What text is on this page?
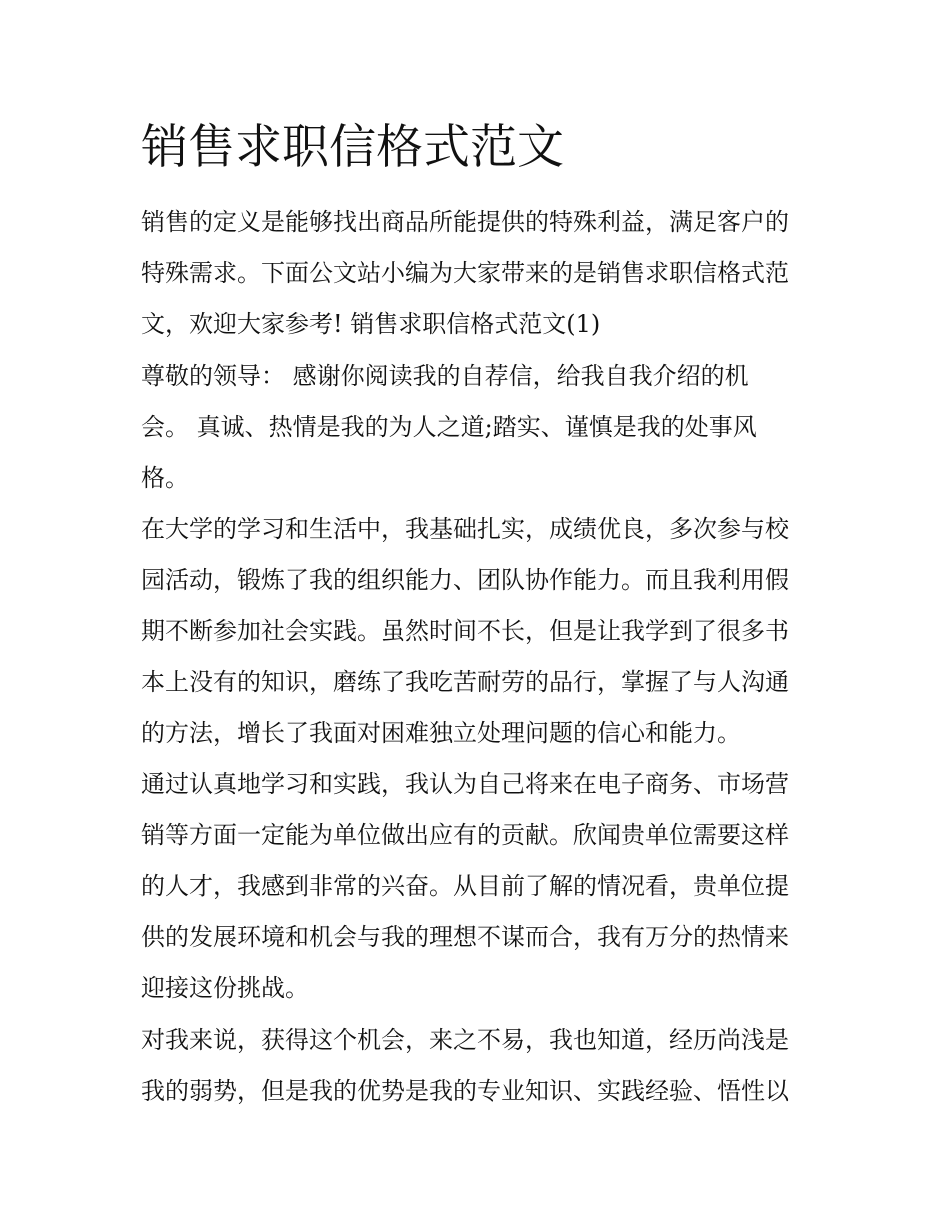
销售求职信格式范文

销售的定义是能够找出商品所能提供的特殊利益，满足客户的

特殊需求。下面公文站小编为大家带来的是销售求职信格式范

文，欢迎大家参考! 销售求职信格式范文(1)

尊敬的领导： 感谢你阅读我的自荐信，给我自我介绍的机

会。 真诚、热情是我的为人之道;踏实、谨慎是我的处事风

格。

在大学的学习和生活中，我基础扎实，成绩优良，多次参与校

园活动，锻炼了我的组织能力、团队协作能力。而且我利用假

期不断参加社会实践。虽然时间不长，但是让我学到了很多书

本上没有的知识，磨练了我吃苦耐劳的品行，掌握了与人沟通

的方法，增长了我面对困难独立处理问题的信心和能力。

通过认真地学习和实践，我认为自己将来在电子商务、市场营

销等方面一定能为单位做出应有的贡献。欣闻贵单位需要这样

的人才，我感到非常的兴奋。从目前了解的情况看，贵单位提

供的发展环境和机会与我的理想不谋而合，我有万分的热情来

迎接这份挑战。

对我来说，获得这个机会，来之不易，我也知道，经历尚浅是

我的弱势，但是我的优势是我的专业知识、实践经验、悟性以
